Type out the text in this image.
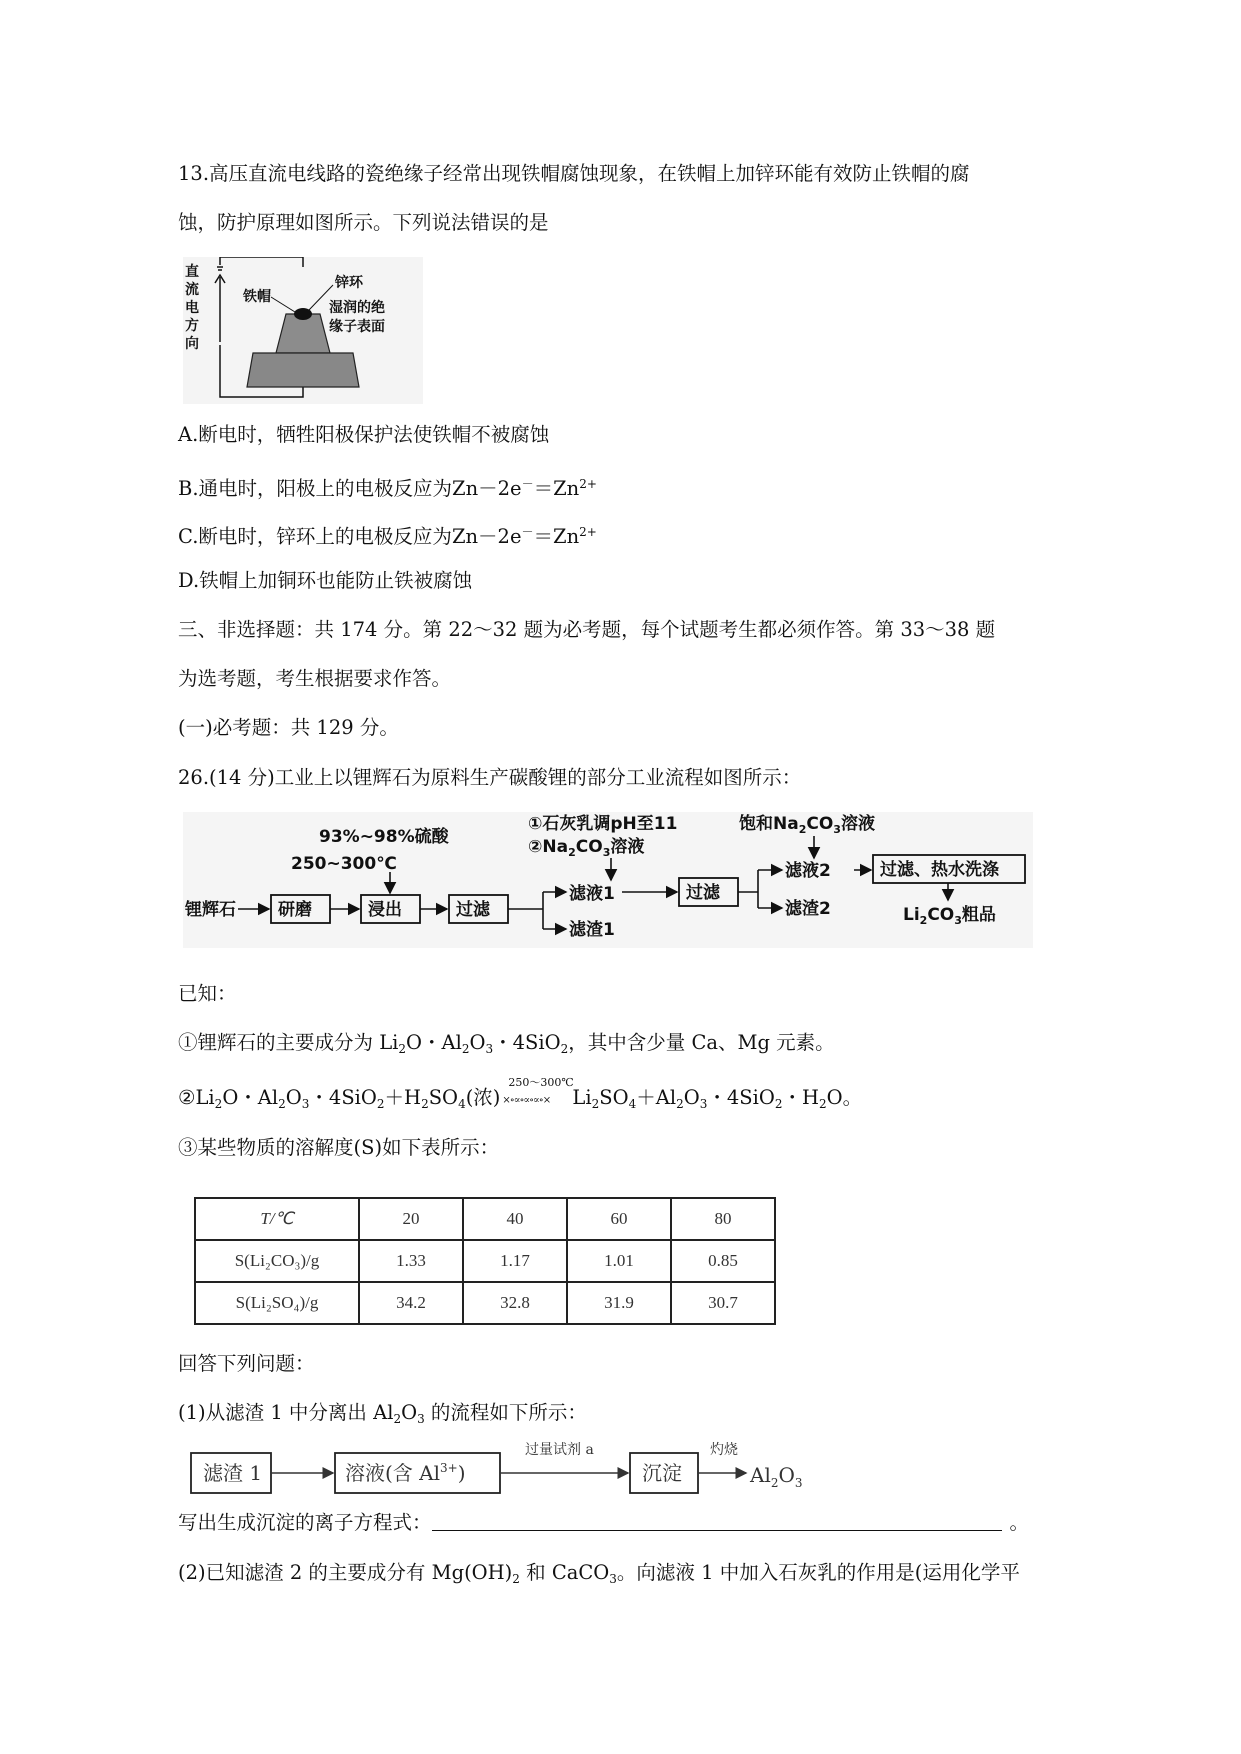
13.高压直流电线路的瓷绝缘子经常出现铁帽腐蚀现象，在铁帽上加锌环能有效防止铁帽的腐
蚀，防护原理如图所示。下列说法错误的是
直
流
电
方
向
铁帽
锌环
湿润的绝
缘子表面
A.断电时，牺牲阳极保护法使铁帽不被腐蚀
B.通电时，阳极上的电极反应为$Zn-2e^-=Zn^{2+}$
C.断电时，锌环上的电极反应为$Zn-2e^-=Zn^{2+}$
D.铁帽上加铜环也能防止铁被腐蚀
三、非选择题：共 174 分。第 22～32 题为必考题，每个试题考生都必须作答。第 33～38 题
为选考题，考生根据要求作答。
(一)必考题：共 129 分。
26.(14 分)工业上以锂辉石为原料生产碳酸锂的部分工业流程如图所示：
锂辉石 研磨	浸出	过滤
93%~98%硫酸
250~300℃
滤液1
滤渣1
①石灰乳调pH至11
$②Na_2CO_3$溶液
过滤
滤液2
滤渣2
饱和$Na_2CO_3$溶液
过滤、热水洗涤
$Li_2CO_3$粗品
已知：
①锂辉石的主要成分为 $Li_2O$・$Al_2O_3$・4SiO$_2$，其中含少量 Ca、Mg 元素。
$②Li_2O$・$Al_2O_3$・$4SiO_2+H_2SO_4$(浓)
250～300℃
×∘∝∘∝∘∝∘× $Li_2SO_4+Al_2O_3$・4SiO$_2$・$H_2O$。
③某些物质的溶解度(S)如下表所示：
T/℃	20	40	60	80
S(Li₂CO₃)/g	1.33	1.17	1.01	0.85
S(Li₂SO₄)/g	34.2	32.8	31.9	30.7
回答下列问题：
(1)从滤渣 1 中分离出 $Al_2O_3$ 的流程如下所示：
滤渣 1	溶液(含 $Al^{3+}$)	沉淀	$Al_2O_3$
过量试剂 a	灼烧
写出生成沉淀的离子方程式：	。
(2)已知滤渣 2 的主要成分有 $Mg(OH)_2$ 和 CaCO$_3$。向滤液 1 中加入石灰乳的作用是(运用化学平
